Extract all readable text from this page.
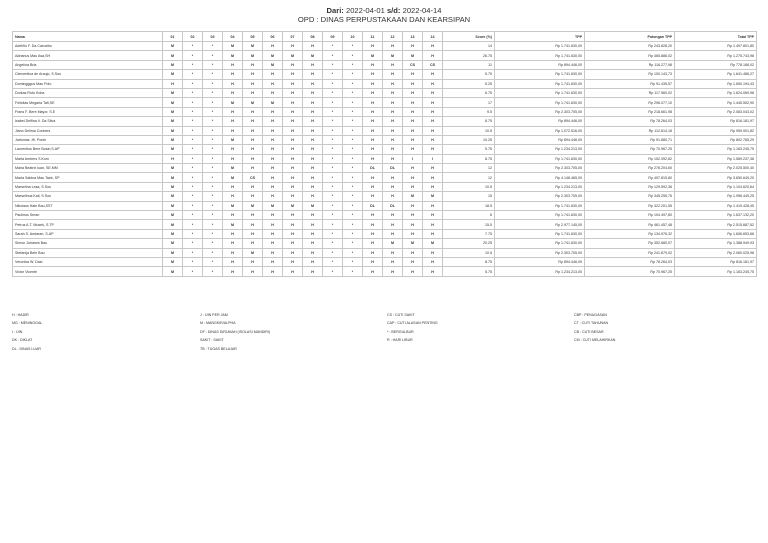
Dari: 2022-04-01 s/d: 2022-04-14
OPD : DINAS PERPUSTAKAAN DAN KEARSIPAN
Nama	01	02	03	04	05	06	07	08	09	10	11	12	13	14	Score (%)	TPP	Potongan TPP	Total TPP
Adeliño F. Da Carvalho	M	*	*	M	M	H	H	H	*	*	H	H	H	H	14	Rp 1.741.630,00	Rp 243.828,20	Rp 1.497.801,80
Adrianus Mau Asa,SH	M	*	*	M	M	M	M	M	*	*	M	M	M	H	26.75	Rp 1.741.630,00	Rp 465.886,02	Rp 1.275.743,98
Angelina Bria	M	*	*	H	H	M	H	H	*	*	H	H	CS	CS	11	Rp 894.446,00	Rp 116.277,98	Rp 778.168,02
Clementina de Araujo, S.Sos	M	*	*	H	H	H	H	H	*	*	H	H	H	H	5.75	Rp 1.741.630,00	Rp 100.143,73	Rp 1.641.486,27
Domingggus Mau Polo	H	*	*	H	H	H	H	H	*	*	H	H	H	H	5.25	Rp 1.741.630,00	Rp 91.435,57	Rp 1.650.194,43
Dorkas Roto Koba	M	*	*	H	H	H	H	H	*	*	H	H	H	H	6.75	Rp 1.741.630,00	Rp 117.560,02	Rp 1.624.069,98
Felicitas Megaria Tafi,SE	M	*	*	M	M	M	H	H	*	*	H	H	H	H	17	Rp 1.741.630,00	Rp 296.077,10	Rp 1.445.552,90
Frans F. Bere Mayor, S.E	M	*	*	H	H	H	H	H	*	*	H	H	H	H	9.5	Rp 2.303.705,00	Rp 218.661,98	Rp 2.083.043,02
Isabel Delfina V. Da Silva	M	*	*	H	H	H	H	H	*	*	H	H	H	H	8.75	Rp 894.446,00	Rp 78.264,03	Rp 816.181,97
Jiano Delima Conbers	M	*	*	H	H	H	H	H	*	*	H	H	H	H	10.5	Rp 1.072.516,00	Rp 112.614,18	Rp 959.901,82
Jartunias .Hi. Ponie	M	*	*	M	H	H	H	H	*	*	H	H	H	H	10.25	Rp 894.446,00	Rp 91.680,71	Rp 802.765,29
Laurentius Bere Bosin,S.AP	M	*	*	H	H	H	H	H	*	*	H	H	H	H	5.75	Rp 1.234.213,00	Rp 70.967,25	Rp 1.163.245,75
Maria Ambers S.Kom	H	*	*	H	H	H	H	H	*	*	H	H	I	I	8.75	Rp 1.741.630,00	Rp 152.392,62	Rp 1.589.237,38
Maria Beatrix luan, SE.MM	M	*	*	M	H	H	H	H	*	*	DL	DL	H	H	12	Rp 2.303.705,00	Rp 276.204,60	Rp 2.025.500,40
Maria Sabina Mau Taek, SP	M	*	*	M	CS	H	H	H	*	*	H	H	H	H	12	Rp 4.148.465,00	Rp 497.815,80	Rp 3.650.649,20
Marselina Lesa, S.Sos	M	*	*	H	H	H	H	H	*	*	H	H	H	H	10.5	Rp 1.234.213,00	Rp 129.592,36	Rp 1.104.620,64
Marselinus Kali, S.Sos	M	*	*	H	H	H	H	H	*	*	H	H	M	M	15	Rp 2.303.705,00	Rp 345.255,75	Rp 1.956.449,25
Nikolaus Hale Bau,SST	M	*	*	M	M	M	M	M	*	*	DL	DL	H	H	18.5	Rp 1.741.630,00	Rp 322.201,55	Rp 1.419.428,45
Paulinus Seran	M	*	*	H	H	H	H	H	*	*	H	H	H	H	6	Rp 1.741.630,00	Rp 104.497,80	Rp 1.637.132,20
Petrus A.T. Musek, S.TP	M	*	*	M	H	H	H	H	*	*	H	H	H	H	15.5	Rp 2.977.145,00	Rp 461.457,48	Rp 2.515.687,52
Sarah S. Amtaran, S.AP	M	*	*	H	H	H	H	H	*	*	H	H	H	H	7.75	Rp 1.741.630,00	Rp 134.976,32	Rp 1.606.653,68
Simon Johanes Bau	M	*	*	H	H	H	H	H	*	*	H	M	M	M	20.25	Rp 1.741.630,00	Rp 352.680,07	Rp 1.388.949,93
Stefanija Bele Bau	M	*	*	H	M	H	H	H	*	*	H	H	H	H	10.5	Rp 2.303.705,00	Rp 241.679,02	Rp 2.060.025,98
Veronika W. Dasi	M	*	*	H	H	H	H	H	*	*	H	H	H	H	8.75	Rp 894.446,00	Rp 78.264,03	Rp 816.181,97
Victor Vicente	M	*	*	H	H	H	H	H	*	*	H	H	H	H	5.75	Rp 1.234.213,00	Rp 70.967,25	Rp 1.163.245,75
H : HADIR
MG : MENINGGAL
I : IJIN
DK : DIKLAT
DL : DINAS LUAR
J : IJIN PER JAM
M : MANGKIR/ALPHA
DF : DINAS DIRUMAH (ISOLASI MANDIRI)
SAKIT : SAKIT
TB : TUGAS BELAJAR
CS : CUTI SAKIT
CAP : CUTI ALASAN PENTING
* : BERGULBUR
R : HARI LIBUR
CBP : PENUGASAN
CT : CUTI TAHUNAN
CB : CUTI BESAR
CM : CUTI MELAHIRKAN
